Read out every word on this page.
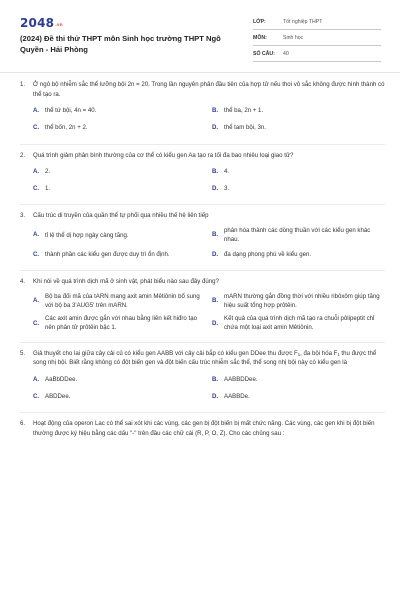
$2048^{.vn}$
(2024) Đề thi thử THPT môn Sinh học trường THPT Ngô Quyền - Hải Phòng
LỚP:	Tốt nghiệp THPT
MÔN:	Sinh học
SỐ CÂU:	40
1.	Ở ngô bộ nhiễm sắc thể lưỡng bội 2n = 20. Trong lần nguyên phân đầu tiên của hợp tử nếu thoi vô sắc không được hình thành có thể tạo ra.
A. thể tứ bội, 4n = 40.	B. thể ba, 2n + 1.
C. thể bốn, 2n + 2.	D. thể tam bội, 3n.
2.	Quá trình giảm phân bình thường của cơ thể có kiểu gen Aa tạo ra tối đa bao nhiêu loại giao tử?
A. 2.	B. 4.
C. 1.	D. 3.
3.	Cấu trúc di truyền của quần thể tự phối qua nhiều thế hệ liên tiếp
A. tỉ lệ thể dị hợp ngày càng tăng.	B.
phân hóa thành các dòng thuần với các kiểu gen khác nhau.
C. thành phần các kiểu gen được duy trì ổn định.	D. đa dạng phong phú về kiểu gen.
4.	Khi nói về quá trình dịch mã ở sinh vật, phát biểu nào sau đây đúng?
A.
Bộ ba đối mã của tARN mang axit amin Mêtiônin bổ sung với bộ ba 3'AUG5' trên mARN.
B.
mARN thường gắn đồng thời với nhiều ribôxôm giúp tăng hiệu suất tổng hợp prôtêin.
C.
Các axit amin được gắn với nhau bằng liên kết hiđro tạo nên phân tử prôtêin bậc 1.
D.
Kết quả của quá trình dịch mã tạo ra chuỗi pôlipeptit chỉ chứa một loại axit amin Mêtiônin.
5.	Giả thuyết cho lai giữa cây cải củ có kiểu gen AABB với cây cải bắp có kiểu gen DDee thu được $F_1$, đa bội hóa $F_1$ thu được thể song nhị bội. Biết rằng không có đột biến gen và đột biến cấu trúc nhiễm sắc thể, thể song nhị bội này có kiểu gen là
A. AaBbDDee.	B. AABBDDee.
C. ABDDee.	D. AABBDe.
6.	Hoạt động của operon Lac có thể sai xót khi các vùng, các gen bị đột biến bị mất chức năng. Các vùng, các gen khi bị đột biến thường được ký hiệu bằng các dấu "-" trên đầu các chữ cái (R, P, O, Z). Cho các chủng sau :
